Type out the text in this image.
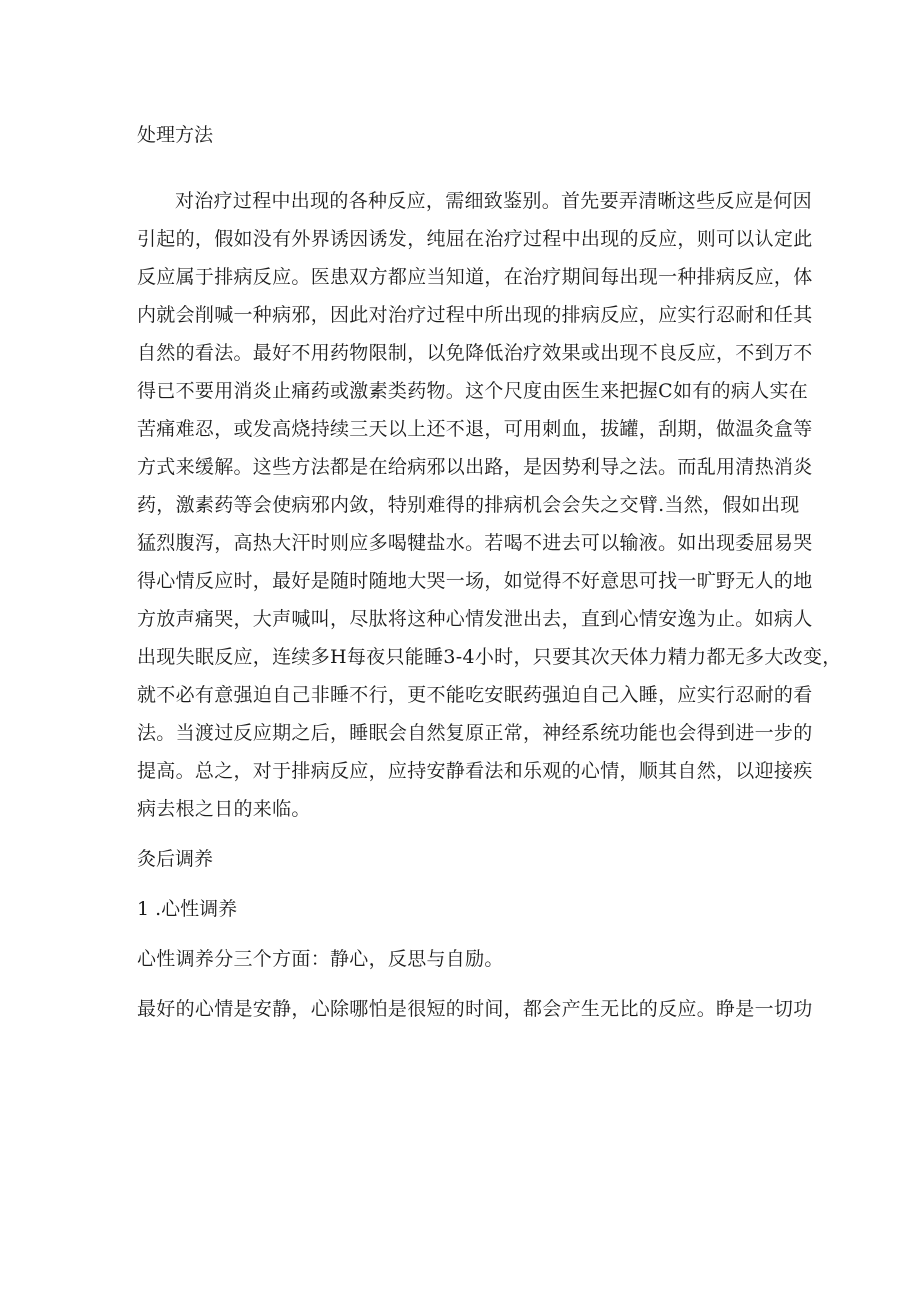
处理方法
对治疗过程中出现的各种反应，需细致鉴别。首先要弄清晰这些反应是何因
引起的，假如没有外界诱因诱发，纯屈在治疗过程中出现的反应，则可以认定此
反应属于排病反应。医患双方都应当知道，在治疗期间每出现一种排病反应，体
内就会削喊一种病邪，因此对治疗过程中所出现的排病反应，应实行忍耐和任其
自然的看法。最好不用药物限制，以免降低治疗效果或出现不良反应，不到万不
得已不要用消炎止痛药或激素类药物。这个尺度由医生来把握C如有的病人实在
苦痛难忍，或发高烧持续三天以上还不退，可用刺血，拔罐，刮期，做温灸盒等
方式来缓解。这些方法都是在给病邪以出路，是因势利导之法。而乱用清热消炎
药，激素药等会使病邪内敛，特别难得的排病机会会失之交臂.当然，假如出现
猛烈腹泻，高热大汗时则应多喝犍盐水。若喝不进去可以输液。如出现委屈易哭
得心情反应时，最好是随时随地大哭一场，如觉得不好意思可找一旷野无人的地
方放声痛哭，大声喊叫，尽肽将这种心情发泄出去，直到心情安逸为止。如病人
出现失眠反应，连续多H每夜只能睡3-4小时，只要其次天体力精力都无多大改变，
就不必有意强迫自己非睡不行，更不能吃安眠药强迫自己入睡，应实行忍耐的看
法。当渡过反应期之后，睡眠会自然复原正常，神经系统功能也会得到进一步的
提高。总之，对于排病反应，应持安静看法和乐观的心情，顺其自然，以迎接疾
病去根之日的来临。
灸后调养
1 .心性调养

心性调养分三个方面：静心，反思与自励。

最好的心情是安静，心除哪怕是很短的时间，都会产生无比的反应。睁是一切功
